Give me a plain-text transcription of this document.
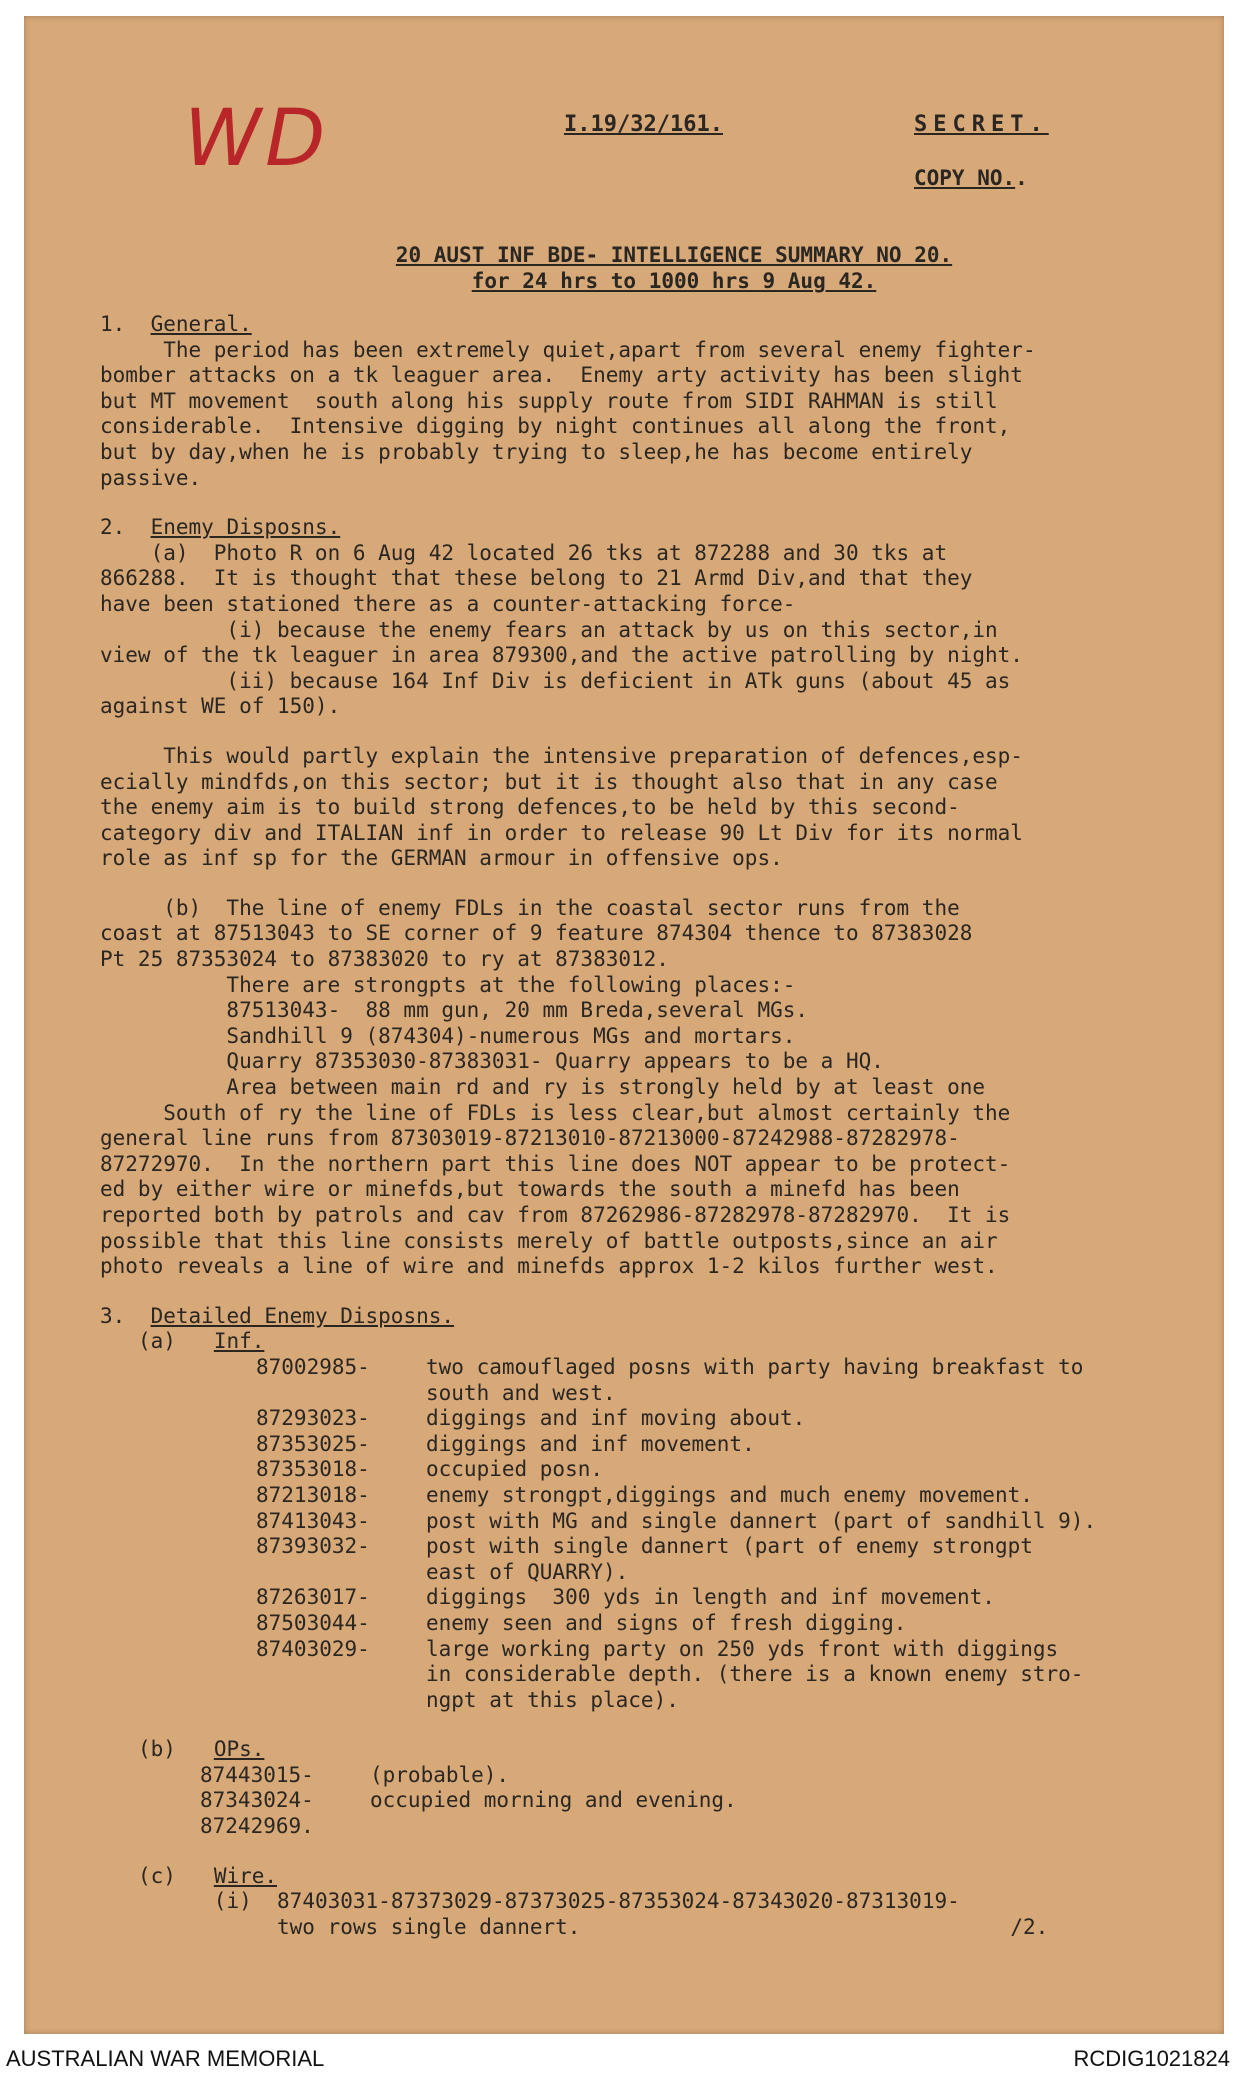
WD	I.19/32/161.	SECRET.
COPY NO..
20 AUST INF BDE- INTELLIGENCE SUMMARY NO 20.
for 24 hrs to 1000 hrs 9 Aug 42.
1. General.
The period has been extremely quiet,apart from several enemy fighter-
bomber attacks on a tk leaguer area.  Enemy arty activity has been slight
but MT movement  south along his supply route from SIDI RAHMAN is still
considerable.  Intensive digging by night continues all along the front,
but by day,when he is probably trying to sleep,he has become entirely
passive.
2. Enemy Disposns.
(a)  Photo R on 6 Aug 42 located 26 tks at 872288 and 30 tks at
866288.  It is thought that these belong to 21 Armd Div,and that they
have been stationed there as a counter-attacking force-
(i) because the enemy fears an attack by us on this sector,in
view of the tk leaguer in area 879300,and the active patrolling by night.
(ii) because 164 Inf Div is deficient in ATk guns (about 45 as
against WE of 150).
This would partly explain the intensive preparation of defences,esp-
ecially mindfds,on this sector; but it is thought also that in any case
the enemy aim is to build strong defences,to be held by this second-
category div and ITALIAN inf in order to release 90 Lt Div for its normal
role as inf sp for the GERMAN armour in offensive ops.
(b)  The line of enemy FDLs in the coastal sector runs from the
coast at 87513043 to SE corner of 9 feature 874304 thence to 87383028
Pt 25 87353024 to 87383020 to ry at 87383012.
There are strongpts at the following places:-
87513043-  88 mm gun, 20 mm Breda,several MGs.
Sandhill 9 (874304)-numerous MGs and mortars.
Quarry 87353030-87383031- Quarry appears to be a HQ.
Area between main rd and ry is strongly held by at least one
South of ry the line of FDLs is less clear,but almost certainly the
general line runs from 87303019-87213010-87213000-87242988-87282978-
87272970.  In the northern part this line does NOT appear to be protect-
ed by either wire or minefds,but towards the south a minefd has been
reported both by patrols and cav from 87262986-87282978-87282970.  It is
possible that this line consists merely of battle outposts,since an air
photo reveals a line of wire and minefds approx 1-2 kilos further west.
3. Detailed Enemy Disposns.
(a) Inf.
87002985-	two camouflaged posns with party having breakfast to
south and west.
87293023-	diggings and inf moving about.
87353025-	diggings and inf movement.
87353018-	occupied posn.
87213018-	enemy strongpt,diggings and much enemy movement.
87413043-	post with MG and single dannert (part of sandhill 9).
87393032-	post with single dannert (part of enemy strongpt
east of QUARRY).
87263017-	diggings  300 yds in length and inf movement.
87503044-	enemy seen and signs of fresh digging.
87403029-	large working party on 250 yds front with diggings
in considerable depth. (there is a known enemy stro-
ngpt at this place).
(b) OPs.
87443015-	(probable).
87343024-	occupied morning and evening.
87242969.
(c) Wire.
(i) 87403031-87373029-87373025-87353024-87343020-87313019-
two rows single dannert.	/2.
AUSTRALIAN WAR MEMORIAL	RCDIG1021824
